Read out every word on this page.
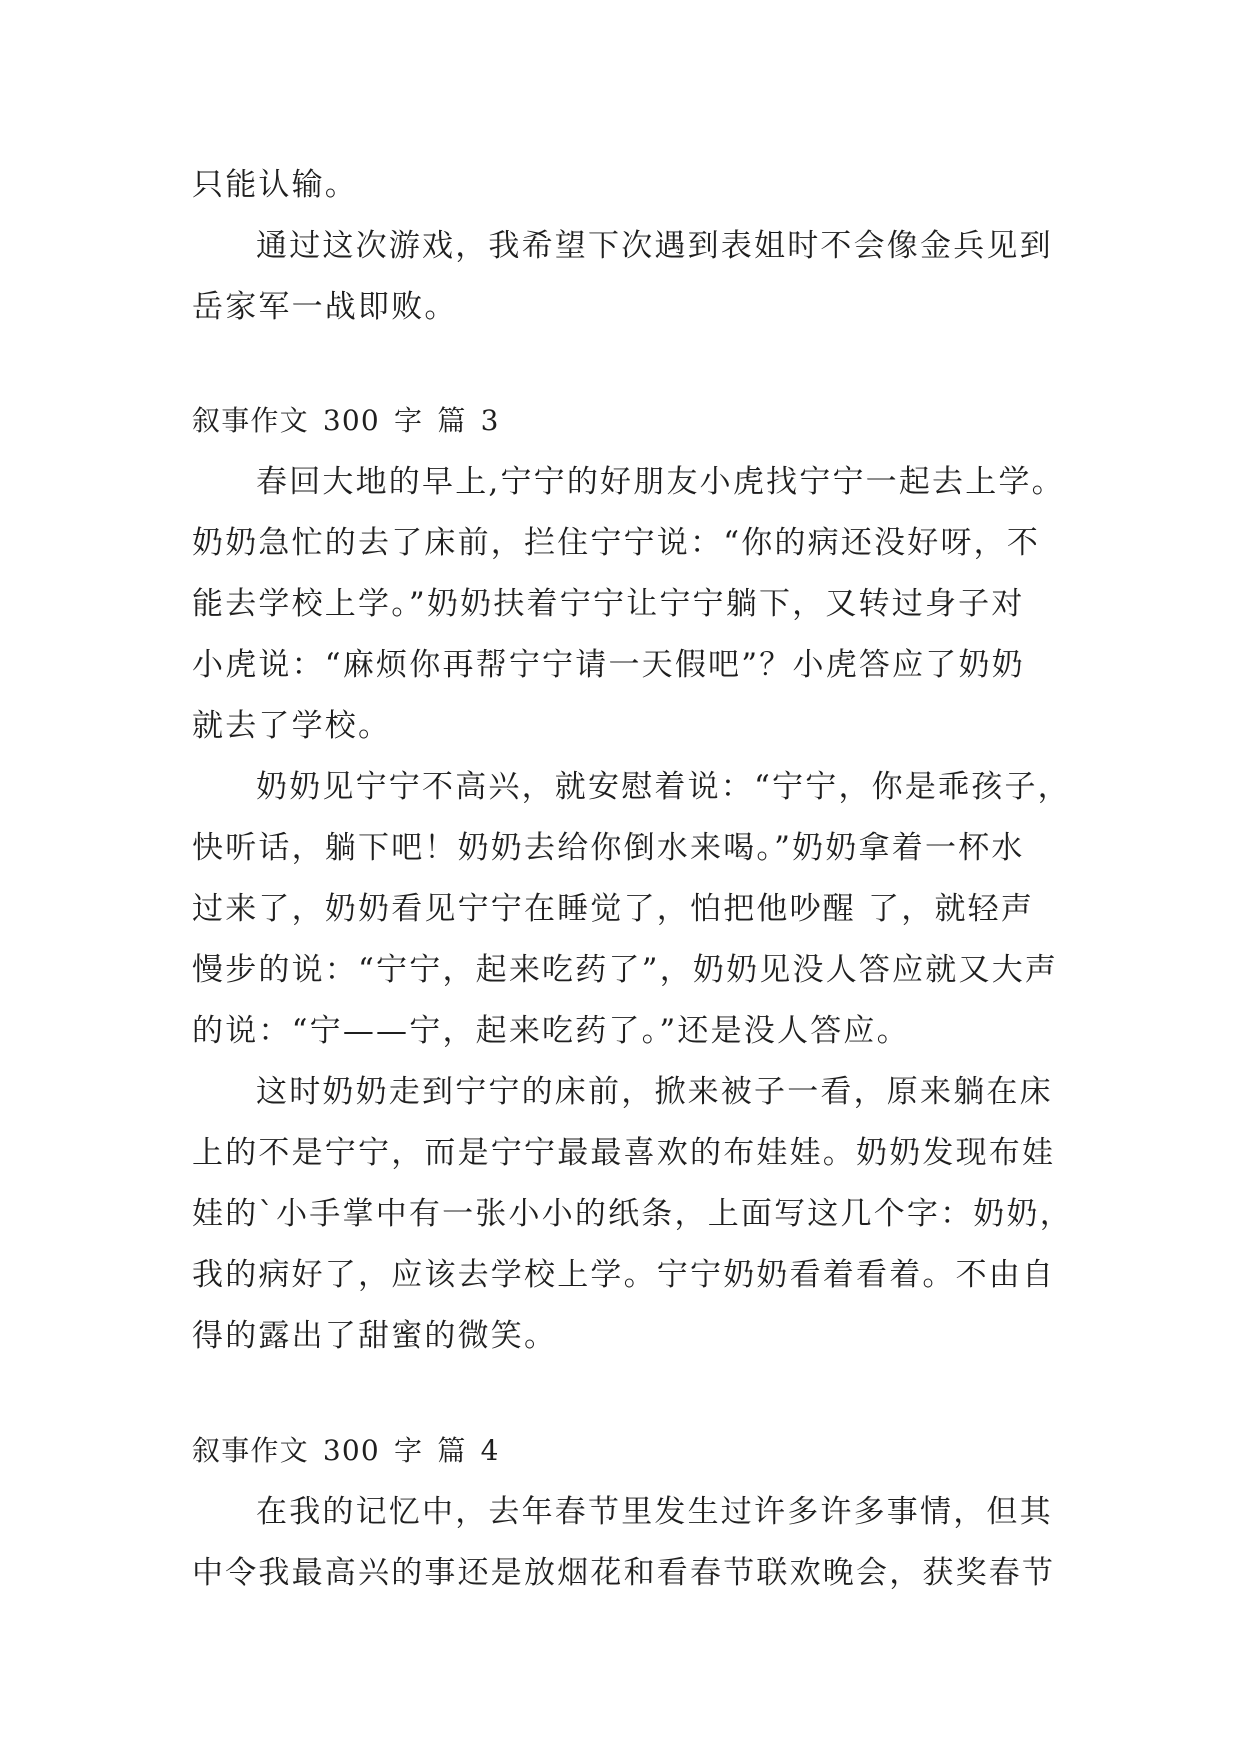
只能认输。
通过这次游戏，我希望下次遇到表姐时不会像金兵见到
岳家军一战即败。
叙事作文 300 字 篇 3
春回大地的早上,宁宁的好朋友小虎找宁宁一起去上学。
奶奶急忙的去了床前，拦住宁宁说：“你的病还没好呀，不
能去学校上学。”奶奶扶着宁宁让宁宁躺下，又转过身子对
小虎说：“麻烦你再帮宁宁请一天假吧”？小虎答应了奶奶
就去了学校。
奶奶见宁宁不高兴，就安慰着说：“宁宁，你是乖孩子，
快听话，躺下吧！奶奶去给你倒水来喝。”奶奶拿着一杯水
过来了，奶奶看见宁宁在睡觉了，怕把他吵醒 了，就轻声
慢步的说：“宁宁，起来吃药了”，奶奶见没人答应就又大声
的说：“宁——宁，起来吃药了。”还是没人答应。
这时奶奶走到宁宁的床前，掀来被子一看，原来躺在床
上的不是宁宁，而是宁宁最最喜欢的布娃娃。奶奶发现布娃
娃的`小手掌中有一张小小的纸条，上面写这几个字：奶奶，
我的病好了，应该去学校上学。宁宁奶奶看着看着。不由自
得的露出了甜蜜的微笑。
叙事作文 300 字 篇 4
在我的记忆中，去年春节里发生过许多许多事情，但其
中令我最高兴的事还是放烟花和看春节联欢晚会，获奖春节
